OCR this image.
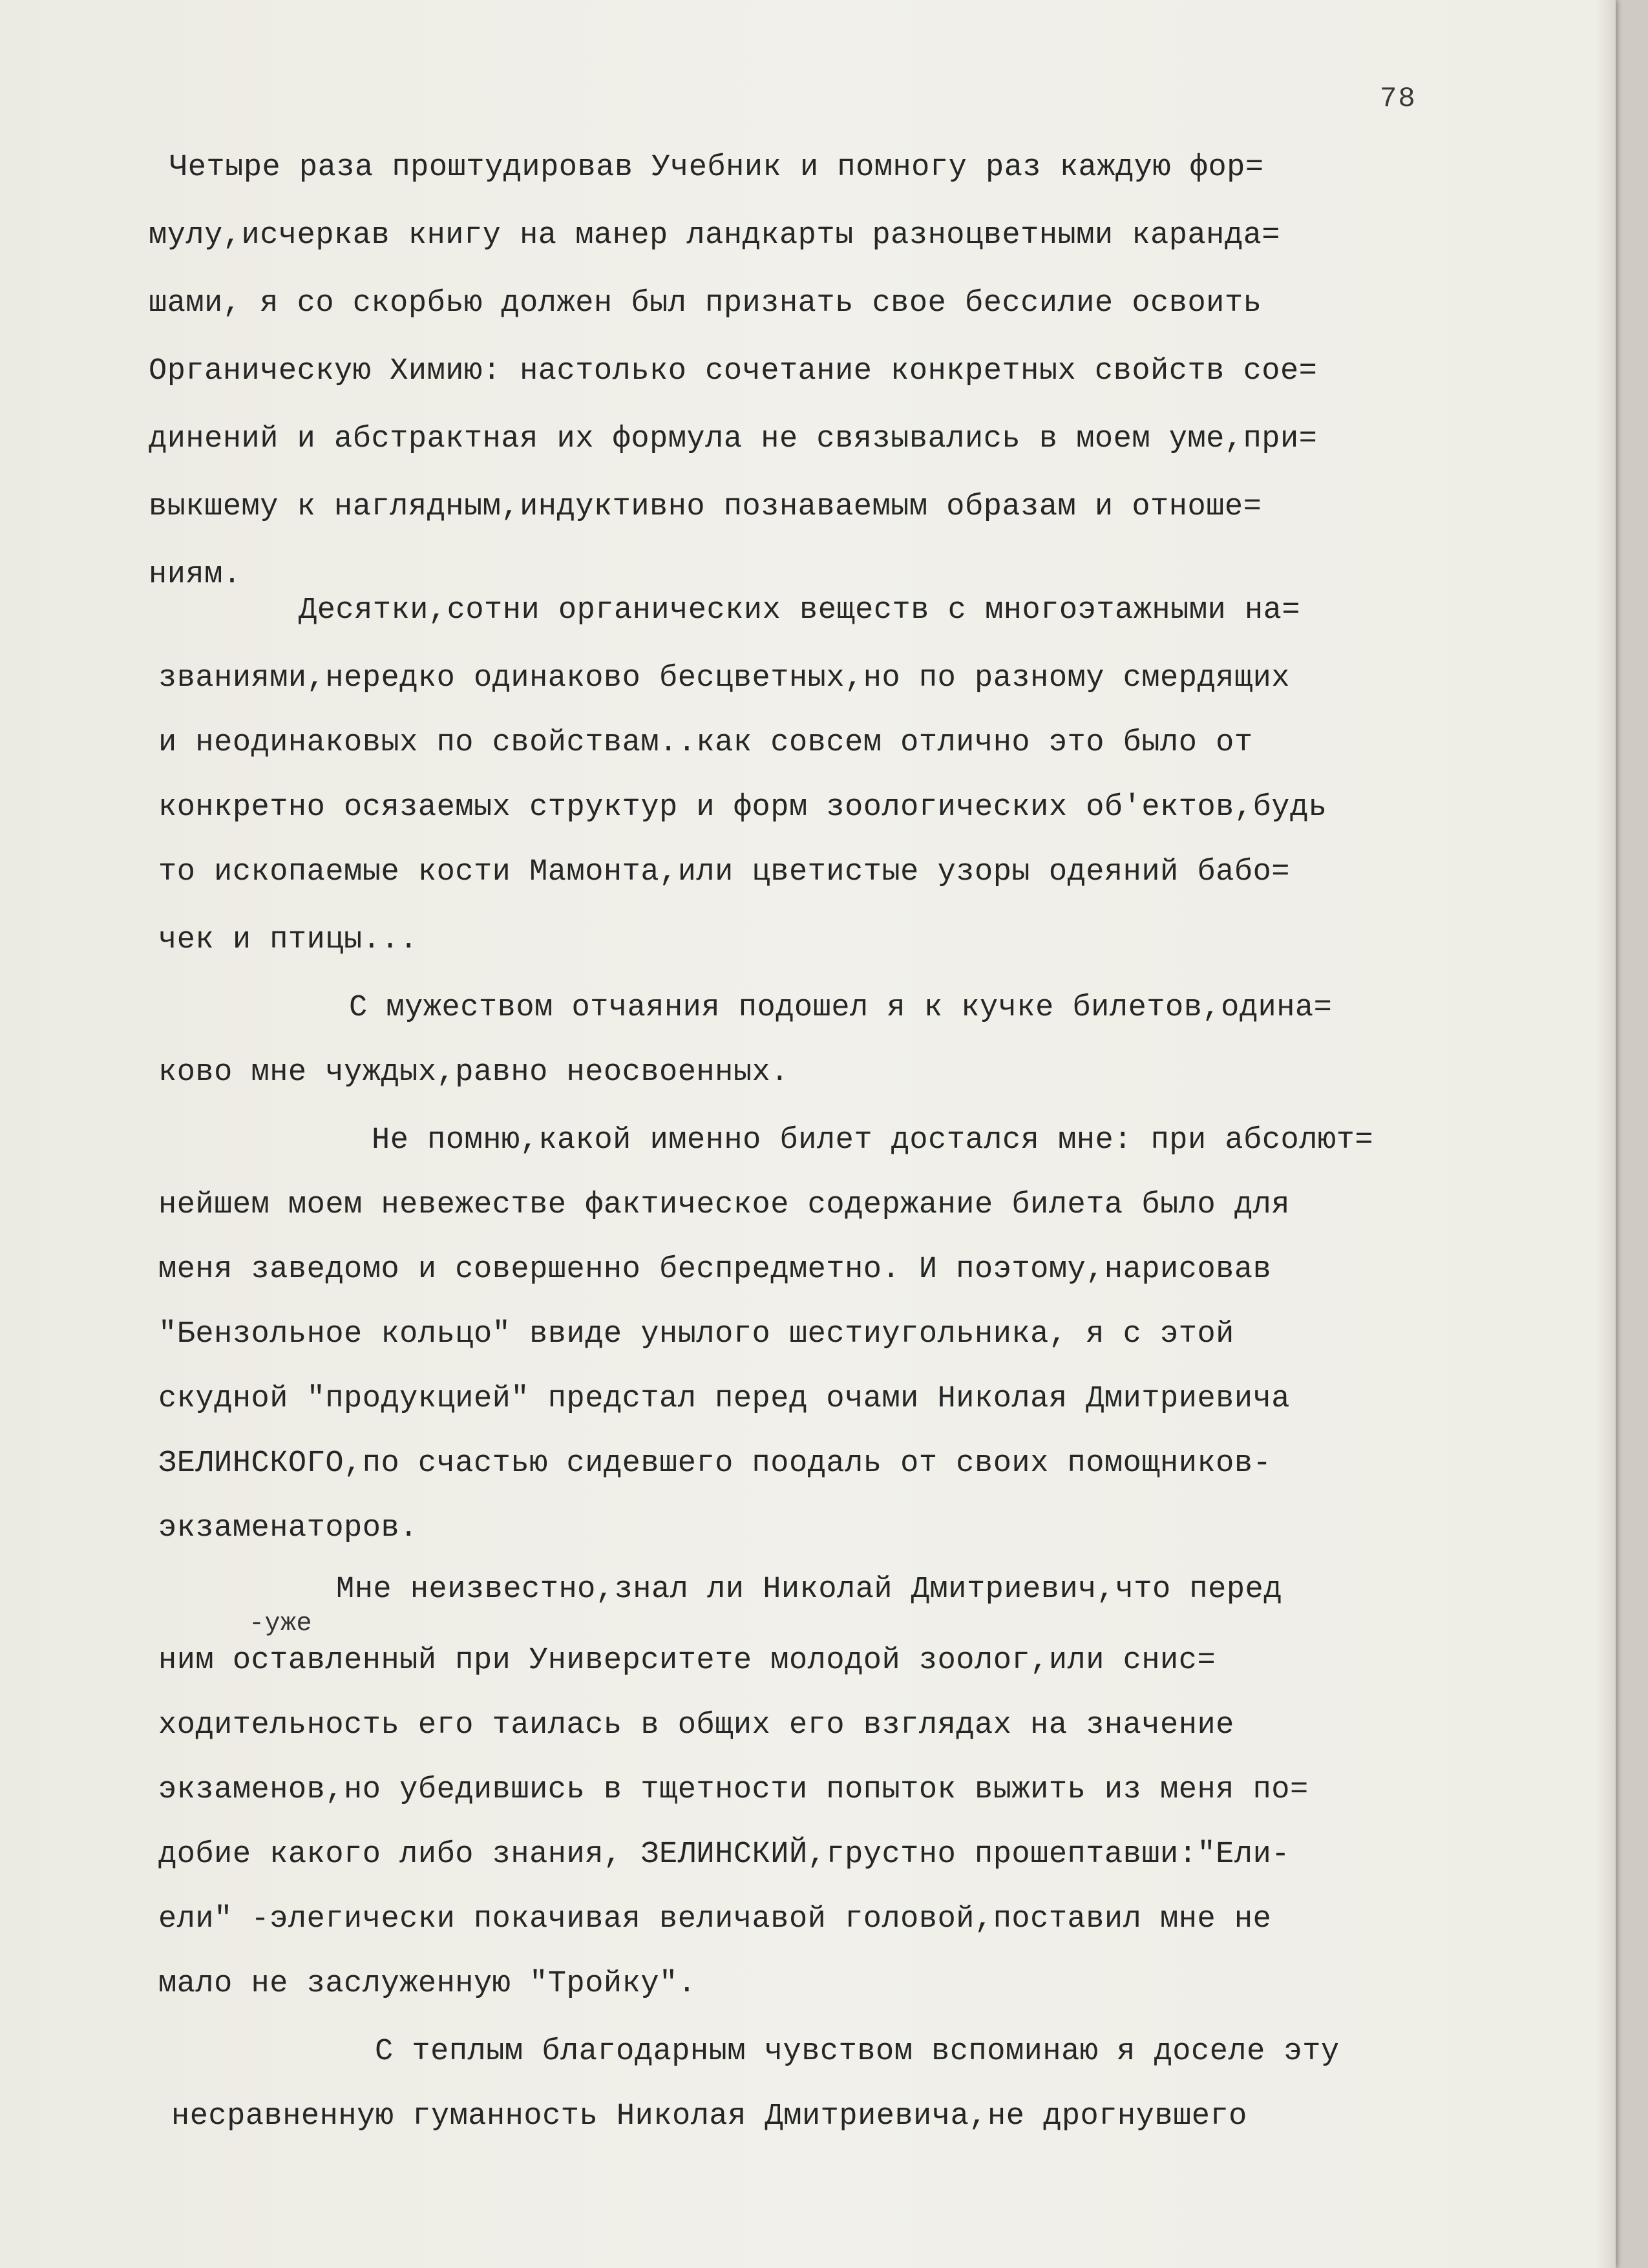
78

Четыре раза проштудировав Учебник и помногу раз каждую фор=

мулу,исчеркав книгу на манер ландкарты разноцветными каранда=

шами, я со скорбью должен был признать свое бессилие освоить

Органическую Химию: настолько сочетание конкретных свойств сое=

динений и абстрактная их формула не связывались в моем уме,при=

выкшему к наглядным,индуктивно познаваемым образам и отноше=

ниям.

Десятки,сотни органических веществ с многоэтажными на=

званиями,нередко одинаково бесцветных,но по разному смердящих

и неодинаковых по свойствам..как совсем отлично это было от

конкретно осязаемых структур и форм зоологических об'ектов,будь

то ископаемые кости Мамонта,или цветистые узоры одеяний бабо=

чек и птицы...

С мужеством отчаяния подошел я к кучке билетов,одина=

ково мне чуждых,равно неосвоенных.

Не помню,какой именно билет достался мне: при абсолют=

нейшем моем невежестве фактическое содержание билета было для

меня заведомо и совершенно беспредметно. И поэтому,нарисовав

"Бензольное кольцо" ввиде унылого шестиугольника, я с этой

скудной "продукцией" предстал перед очами Николая Дмитриевича

ЗЕЛИНСКОГО,по счастью сидевшего поодаль от своих помощников-

экзаменаторов.

Мне неизвестно,знал ли Николай Дмитриевич,что перед

-уже

ним оставленный при Университете молодой зоолог,или снис=

ходительность его таилась в общих его взглядах на значение

экзаменов,но убедившись в тщетности попыток выжить из меня по=

добие какого либо знания, ЗЕЛИНСКИЙ,грустно прошептавши:"Ели-

ели" -элегически покачивая величавой головой,поставил мне не

мало не заслуженную "Тройку".

С теплым благодарным чувством вспоминаю я доселе эту

несравненную гуманность Николая Дмитриевича,не дрогнувшего
